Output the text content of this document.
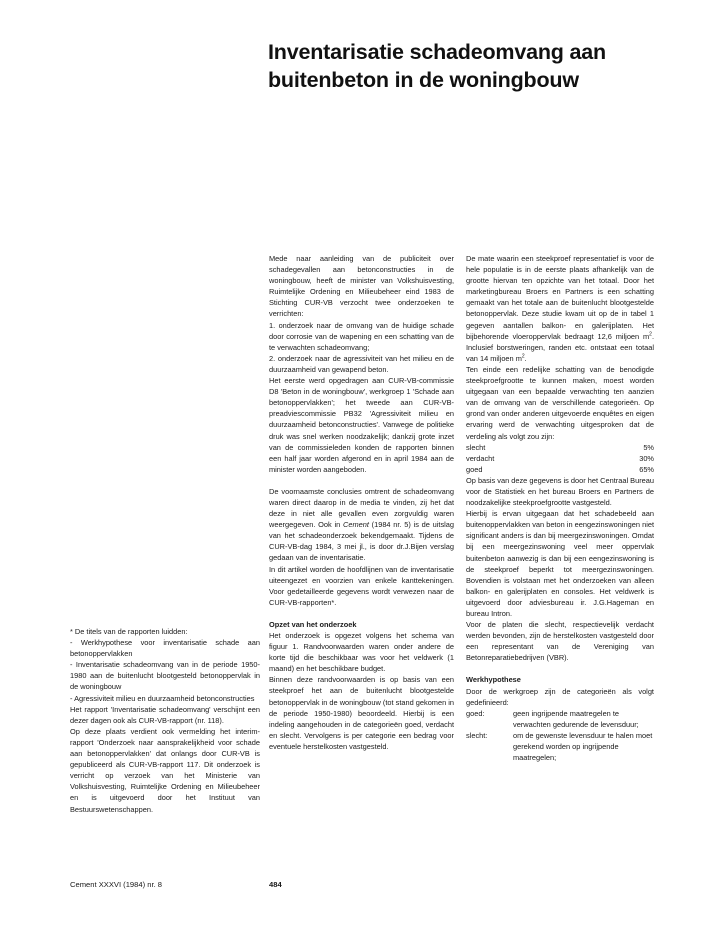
Inventarisatie schadeomvang aan buitenbeton in de woningbouw

Mede naar aanleiding van de publiciteit over schadegevallen aan betonconstructies in de woningbouw, heeft de minister van Volkshuisvesting, Ruimtelijke Ordening en Milieubeheer eind 1983 de Stichting CUR-VB verzocht twee onderzoeken te verrichten:

1. onderzoek naar de omvang van de huidige schade door corrosie van de wapening en een schatting van de te verwachten schadeomvang;

2. onderzoek naar de agressiviteit van het milieu en de duurzaamheid van gewapend beton.

Het eerste werd opgedragen aan CUR-VB-commissie D8 'Beton in de woningbouw', werkgroep 1 'Schade aan betonoppervlakken'; het tweede aan CUR-VB-preadviescommissie PB32 'Agressiviteit milieu en duurzaamheid betonconstructies'. Vanwege de politieke druk was snel werken noodzakelijk; dankzij grote inzet van de commissieleden konden de rapporten binnen een half jaar worden afgerond en in april 1984 aan de minister worden aangeboden.

De voornaamste conclusies omtrent de schadeomvang waren direct daarop in de media te vinden, zij het dat deze in niet alle gevallen even zorgvuldig waren weergegeven. Ook in Cement (1984 nr. 5) is de uitslag van het schadeonderzoek bekendgemaakt. Tijdens de CUR-VB-dag 1984, 3 mei jl., is door dr.J.Bijen verslag gedaan van de inventarisatie.

In dit artikel worden de hoofdlijnen van de inventarisatie uiteengezet en voorzien van enkele kanttekeningen. Voor gedetailleerde gegevens wordt verwezen naar de CUR-VB-rapporten*.

Opzet van het onderzoek

Het onderzoek is opgezet volgens het schema van figuur 1. Randvoorwaarden waren onder andere de korte tijd die beschikbaar was voor het veldwerk (1 maand) en het beschikbare budget.

Binnen deze randvoorwaarden is op basis van een steekproef het aan de buitenlucht blootgestelde betonoppervlak in de woningbouw (tot stand gekomen in de periode 1950-1980) beoordeeld. Hierbij is een indeling aangehouden in de categorieën goed, verdacht en slecht. Vervolgens is per categorie een bedrag voor eventuele herstelkosten vastgesteld.

De mate waarin een steekproef representatief is voor de hele populatie is in de eerste plaats afhankelijk van de grootte hiervan ten opzichte van het totaal. Door het marketingbureau Broers en Partners is een schatting gemaakt van het totale aan de buitenlucht blootgestelde betonoppervlak. Deze studie kwam uit op de in tabel 1 gegeven aantallen balkon- en galerijplaten. Het bijbehorende vloeroppervlak bedraagt 12,6 miljoen $m^2$. Inclusief borstweringen, randen etc. ontstaat een totaal van 14 miljoen $m^2$.

Ten einde een redelijke schatting van de benodigde steekproefgrootte te kunnen maken, moest worden uitgegaan van een bepaalde verwachting ten aanzien van de omvang van de verschillende categorieën. Op grond van onder anderen uitgevoerde enquêtes en eigen ervaring werd de verwachting uitgesproken dat de verdeling als volgt zou zijn:

slecht	5%
verdacht	30%
goed	65%

Op basis van deze gegevens is door het Centraal Bureau voor de Statistiek en het bureau Broers en Partners de noodzakelijke steekproefgrootte vastgesteld.

Hierbij is ervan uitgegaan dat het schadebeeld aan buitenoppervlakken van beton in eengezinswoningen niet significant anders is dan bij meergezinswoningen. Omdat bij een meergezinswoning veel meer oppervlak buitenbeton aanwezig is dan bij een eengezinswoning is de steekproef beperkt tot meergezinswoningen. Bovendien is volstaan met het onderzoeken van alleen balkon- en galerijplaten en consoles. Het veldwerk is uitgevoerd door adviesbureau ir. J.G.Hageman en bureau Intron.

Voor de platen die slecht, respectievelijk verdacht werden bevonden, zijn de herstelkosten vastgesteld door een representant van de Vereniging van Betonreparatiebedrijven (VBR).

Werkhypothese

Door de werkgroep zijn de categorieën als volgt gedefinieerd:

goed:	geen ingrijpende maatregelen te verwachten gedurende de levensduur;
slecht:	om de gewenste levensduur te halen moet gerekend worden op ingrijpende maatregelen;

* De titels van de rapporten luidden:

- Werkhypothese voor inventarisatie schade aan betonoppervlakken

- Inventarisatie schadeomvang van in de periode 1950-1980 aan de buitenlucht blootgesteld betonoppervlak in de woningbouw

- Agressiviteit milieu en duurzaamheid betonconstructies

Het rapport 'Inventarisatie schadeomvang' verschijnt een dezer dagen ook als CUR-VB-rapport (nr. 118).

Op deze plaats verdient ook vermelding het interim-rapport 'Onderzoek naar aansprakelijkheid voor schade aan betonoppervlakken' dat onlangs door CUR-VB is gepubliceerd als CUR-VB-rapport 117. Dit onderzoek is verricht op verzoek van het Ministerie van Volkshuisvesting, Ruimtelijke Ordening en Milieubeheer en is uitgevoerd door het Instituut van Bestuurswetenschappen.

Cement XXXVI (1984) nr. 8	484
